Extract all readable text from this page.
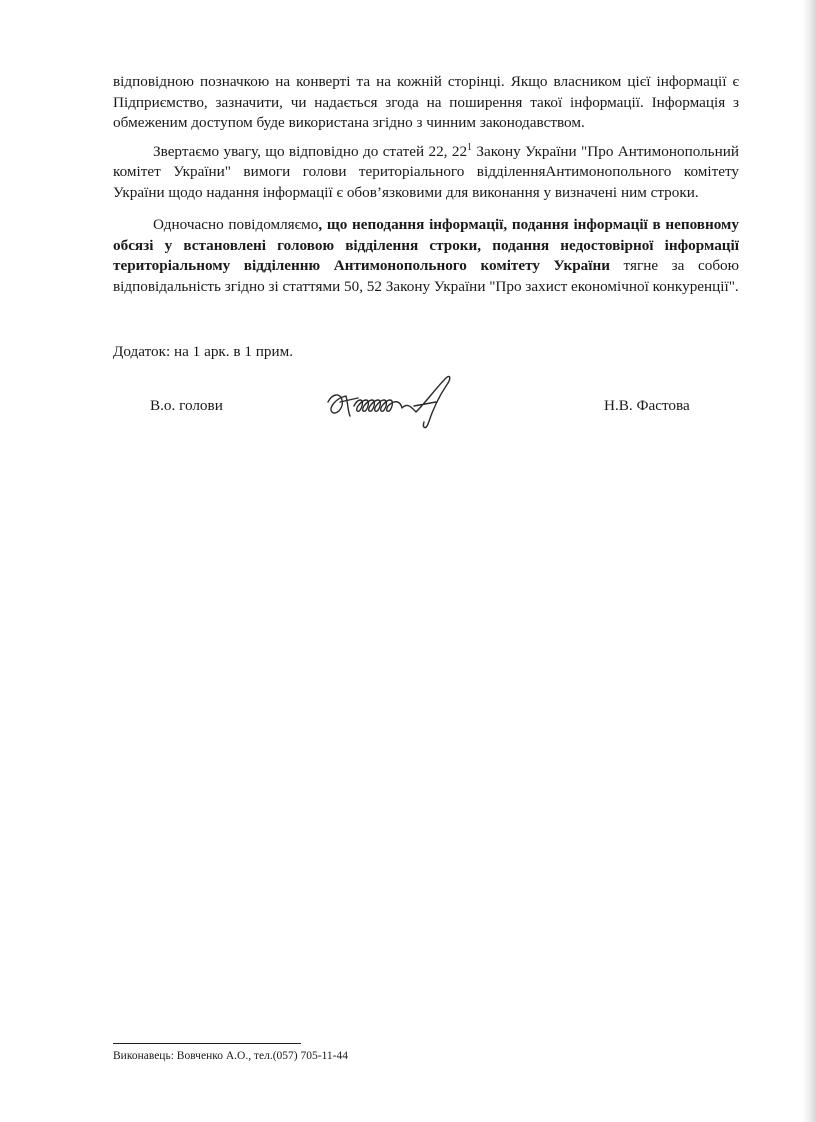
відповідною позначкою на конверті та на кожній сторінці. Якщо власником цієї інформації є Підприємство, зазначити, чи надається згода на поширення такої інформації. Інформація з обмеженим доступом буде використана згідно з чинним законодавством.

Звертаємо увагу, що відповідно до статей 22, $22^1$ Закону України "Про Антимонопольний комітет України" вимоги голови територіального відділенняАнтимонопольного комітету України щодо надання інформації є обов’язковими для виконання у визначені ним строки.

Одночасно повідомляємо, що неподання інформації, подання інформації в неповному обсязі у встановлені головою відділення строки, подання недостовірної інформації територіальному відділенню Антимонопольного комітету України тягне за собою відповідальність згідно зі статтями 50, 52 Закону України "Про захист економічної конкуренції".

Додаток: на 1 арк. в 1 прим.
В.о. голови	Н.В. Фастова
Виконавець: Вовченко А.О., тел.(057) 705-11-44
